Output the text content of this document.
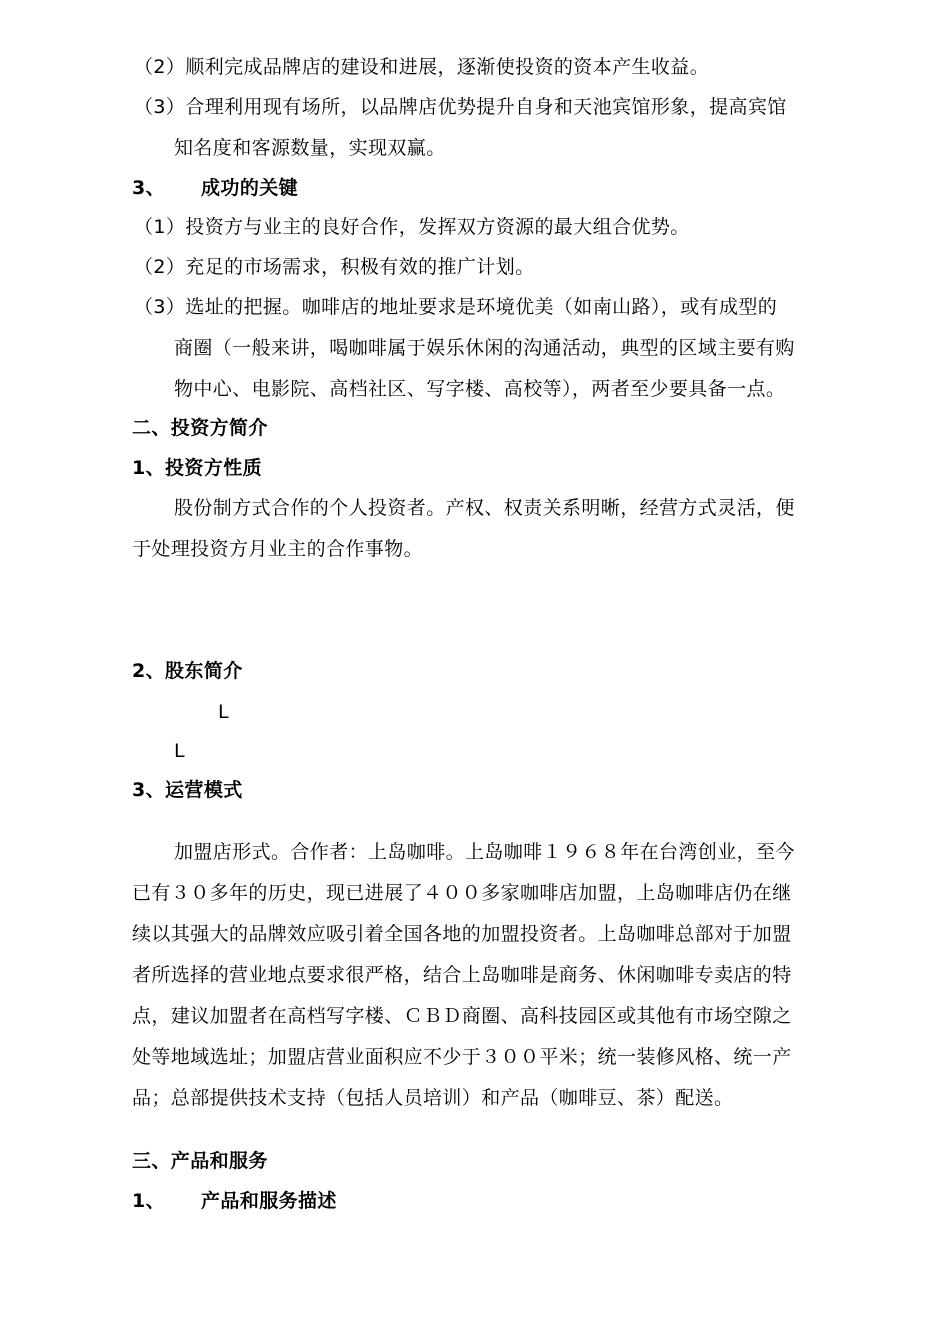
（2）顺利完成品牌店的建设和进展，逐渐使投资的资本产生收益。
（3）合理利用现有场所，以品牌店优势提升自身和天池宾馆形象，提高宾馆
知名度和客源数量，实现双赢。
3、 成功的关键
（1）投资方与业主的良好合作，发挥双方资源的最大组合优势。
（2）充足的市场需求，积极有效的推广计划。
（3）选址的把握。咖啡店的地址要求是环境优美（如南山路），或有成型的
商圈（一般来讲，喝咖啡属于娱乐休闲的沟通活动，典型的区域主要有购
物中心、电影院、高档社区、写字楼、高校等），两者至少要具备一点。
二、投资方简介
1、投资方性质
股份制方式合作的个人投资者。产权、权责关系明晰，经营方式灵活，便
于处理投资方月业主的合作事物。
2、股东简介
L
L
3、运营模式
加盟店形式。合作者：上岛咖啡。上岛咖啡１９６８年在台湾创业，至今
已有３０多年的历史，现已进展了４００多家咖啡店加盟，上岛咖啡店仍在继
续以其强大的品牌效应吸引着全国各地的加盟投资者。上岛咖啡总部对于加盟
者所选择的营业地点要求很严格，结合上岛咖啡是商务、休闲咖啡专卖店的特
点，建议加盟者在高档写字楼、ＣＢＤ商圈、高科技园区或其他有市场空隙之
处等地域选址；加盟店营业面积应不少于３００平米；统一装修风格、统一产
品；总部提供技术支持（包括人员培训）和产品（咖啡豆、茶）配送。
三、产品和服务
1、 产品和服务描述
